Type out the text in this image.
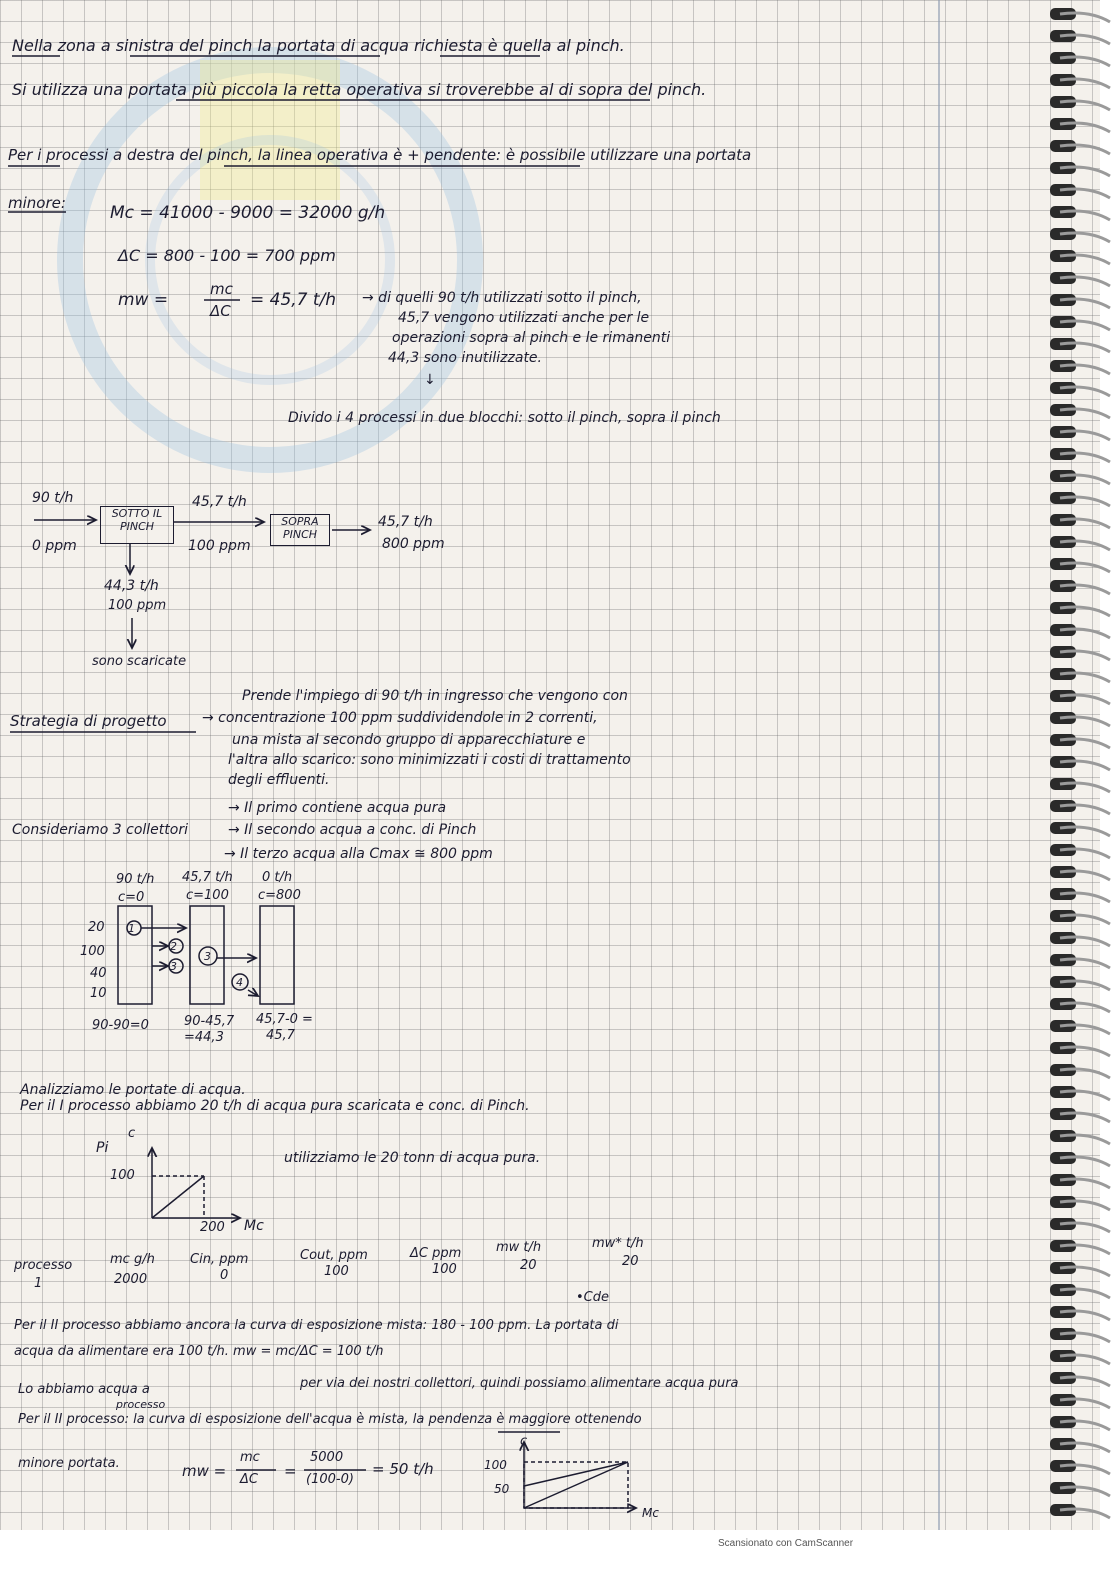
Nella zona a sinistra del pinch la portata di acqua richiesta è quella al pinch.
Si utilizza una portata più piccola la retta operativa si troverebbe al di sopra del pinch.
Per i processi a destra del pinch, la linea operativa è + pendente: è possibile utilizzare una portata
minore:	Mc = 41000 - 9000 = 32000 g/h
ΔC = 800 - 100 = 700 ppm
mw =
mc
ΔC
= 45,7 t/h → di quelli 90 t/h utilizzati sotto il pinch,
45,7 vengono utilizzati anche per le
operazioni sopra al pinch e le rimanenti
44,3 sono inutilizzate.
↓
Divido i 4 processi in due blocchi: sotto il pinch, sopra il pinch
90 t/h
0 ppm
SOTTO IL PINCH
45,7 t/h
100 ppm
SOPRA PINCH
45,7 t/h
800 ppm
44,3 t/h
100 ppm
sono scaricate
Prende l'impiego di 90 t/h in ingresso che vengono con
Strategia di progetto	→ concentrazione 100 ppm suddividendole in 2 correnti,
una mista al secondo gruppo di apparecchiature e
l'altra allo scarico: sono minimizzati i costi di trattamento
degli effluenti.
→ Il primo contiene acqua pura
Consideriamo 3 collettori	→ Il secondo acqua a conc. di Pinch
→ Il terzo acqua alla Cmax ≅ 800 ppm
90 t/h
c=0
45,7 t/h
c=100
0 t/h
c=800
20
100
40
10
1
2
3
3
4
90-90=0	90-45,7
=44,3
45,7-0 =
45,7
Analizziamo le portate di acqua.
Per il I processo abbiamo 20 t/h di acqua pura scaricata e conc. di Pinch.
Pi
c
100
200 Mc
utilizziamo le 20 tonn di acqua pura.
processo	mc g/h	Cin, ppm	Cout, ppm	ΔC ppm	mw t/h	mw* t/h
1	2000	0	100	100	20	20
•Cde
Per il II processo abbiamo ancora la curva di esposizione mista: 180 - 100 ppm. La portata di
acqua da alimentare era 100 t/h. mw = mc/ΔC = 100 t/h
Lo abbiamo acqua a
processo
per via dei nostri collettori, quindi possiamo alimentare acqua pura
Per il II processo: la curva di esposizione dell'acqua è mista, la pendenza è maggiore ottenendo
minore portata.	mw =
mc
ΔC =
5000
(100-0)
= 50 t/h
c
100
50
Mc
Scansionato con CamScanner
